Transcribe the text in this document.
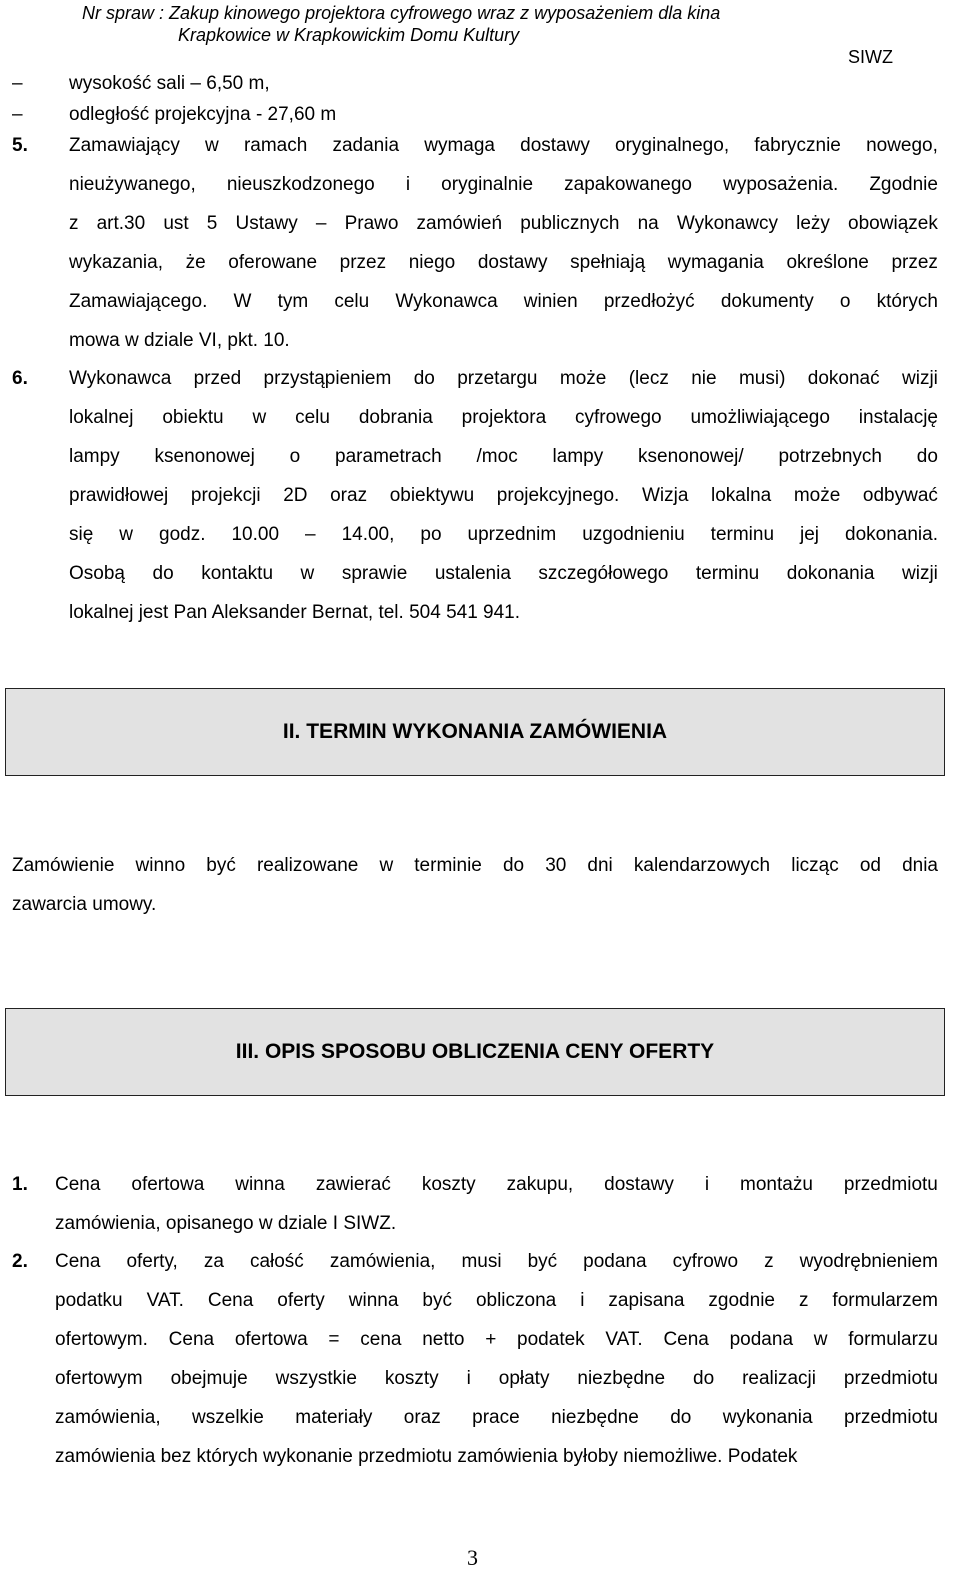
Nr spraw : Zakup kinowego projektora cyfrowego wraz z wyposażeniem dla kina
Krapkowice w Krapkowickim Domu Kultury
SIWZ
– wysokość sali – 6,50 m,
– odległość projekcyjna - 27,60 m
5. Zamawiający w ramach zadania wymaga dostawy oryginalnego, fabrycznie nowego,
nieużywanego, nieuszkodzonego i oryginalnie zapakowanego wyposażenia. Zgodnie
z art.30 ust 5 Ustawy – Prawo zamówień publicznych na Wykonawcy leży obowiązek
wykazania, że oferowane przez niego dostawy spełniają wymagania określone przez
Zamawiającego. W tym celu Wykonawca winien przedłożyć dokumenty o których
mowa w dziale VI, pkt. 10.
6. Wykonawca przed przystąpieniem do przetargu może (lecz nie musi) dokonać wizji
lokalnej obiektu w celu dobrania projektora cyfrowego umożliwiającego instalację
lampy ksenonowej o parametrach /moc lampy ksenonowej/ potrzebnych do
prawidłowej projekcji 2D oraz obiektywu projekcyjnego. Wizja lokalna może odbywać
się w godz. 10.00 – 14.00, po uprzednim uzgodnieniu terminu jej dokonania.
Osobą do kontaktu w sprawie ustalenia szczegółowego terminu dokonania wizji
lokalnej jest Pan Aleksander Bernat, tel. 504 541 941.
II. TERMIN WYKONANIA ZAMÓWIENIA
Zamówienie winno być realizowane w terminie do 30 dni kalendarzowych licząc od dnia
zawarcia umowy.
III. OPIS SPOSOBU OBLICZENIA CENY OFERTY
1. Cena ofertowa winna zawierać koszty zakupu, dostawy i montażu przedmiotu
zamówienia, opisanego w dziale I SIWZ.
2. Cena oferty, za całość zamówienia, musi być podana cyfrowo z wyodrębnieniem
podatku VAT. Cena oferty winna być obliczona i zapisana zgodnie z formularzem
ofertowym. Cena ofertowa = cena netto + podatek VAT. Cena podana w formularzu
ofertowym obejmuje wszystkie koszty i opłaty niezbędne do realizacji przedmiotu
zamówienia, wszelkie materiały oraz prace niezbędne do wykonania przedmiotu
zamówienia bez których wykonanie przedmiotu zamówienia byłoby niemożliwe. Podatek
3
